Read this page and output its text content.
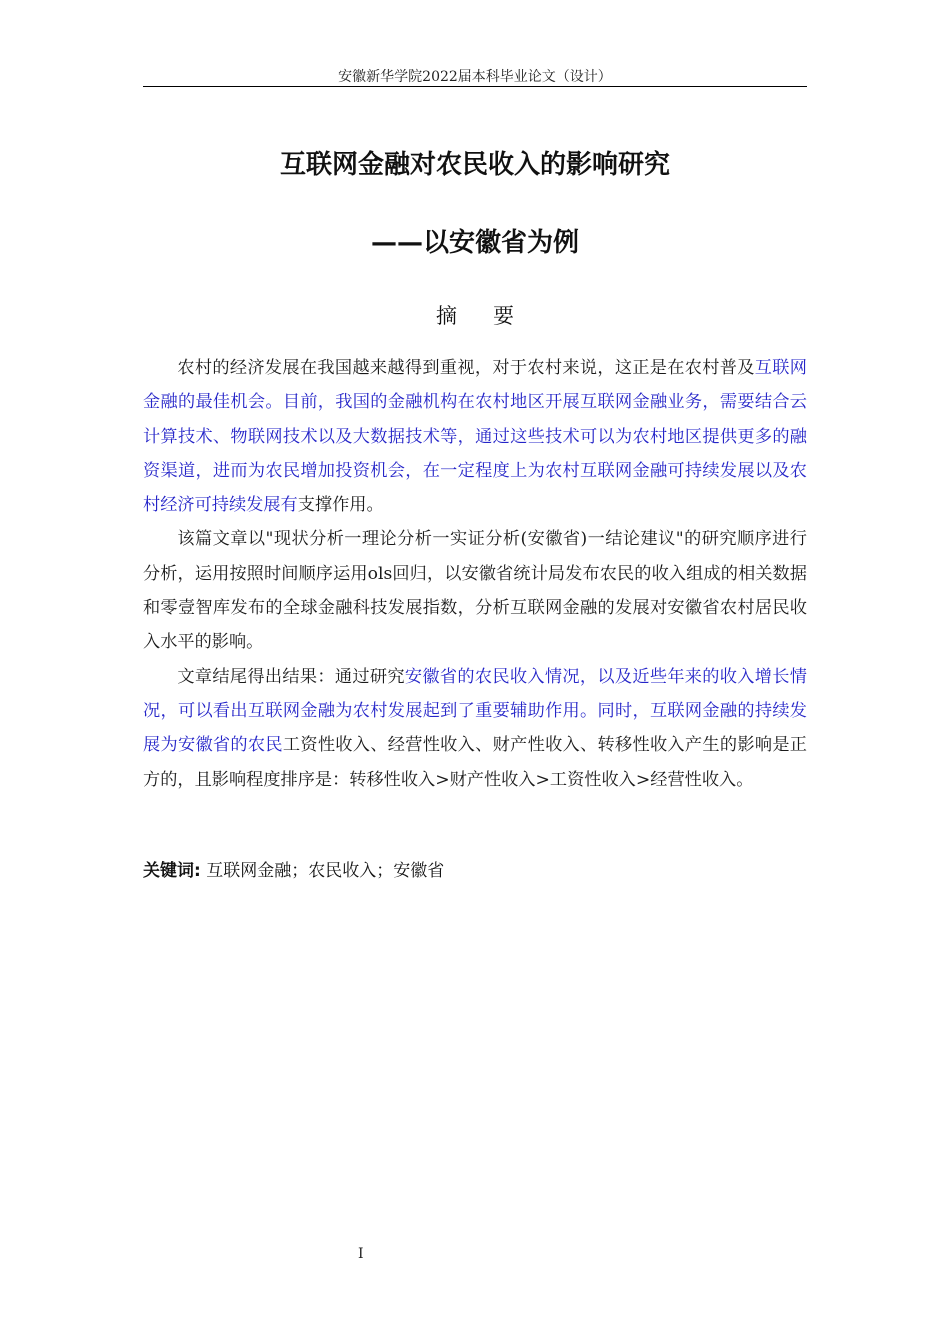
安徽新华学院2022届本科毕业论文（设计）
互联网金融对农民收入的影响研究
——以安徽省为例
摘 要

农村的经济发展在我国越来越得到重视，对于农村来说，这正是在农村普及互联网金融的最佳机会。目前，我国的金融机构在农村地区开展互联网金融业务，需要结合云计算技术、物联网技术以及大数据技术等，通过这些技术可以为农村地区提供更多的融资渠道，进而为农民增加投资机会，在一定程度上为农村互联网金融可持续发展以及农村经济可持续发展有支撑作用。

该篇文章以"现状分析一理论分析一实证分析(安徽省)一结论建议"的研究顺序进行分析，运用按照时间顺序运用ols回归，以安徽省统计局发布农民的收入组成的相关数据和零壹智库发布的全球金融科技发展指数，分析互联网金融的发展对安徽省农村居民收入水平的影响。

文章结尾得出结果：通过研究安徽省的农民收入情况，以及近些年来的收入增长情况，可以看出互联网金融为农村发展起到了重要辅助作用。同时，互联网金融的持续发展为安徽省的农民工资性收入、经营性收入、财产性收入、转移性收入产生的影响是正方的，且影响程度排序是：转移性收入>财产性收入>工资性收入>经营性收入。

关键词: 互联网金融；农民收入；安徽省
I
